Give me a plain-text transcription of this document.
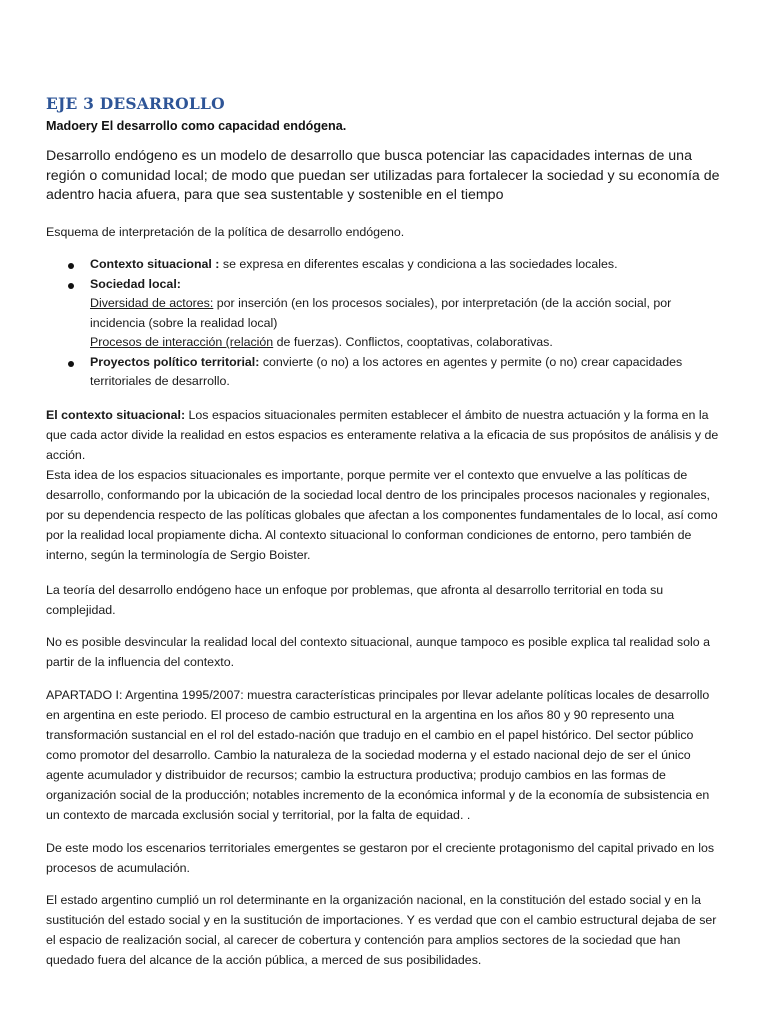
EJE 3 DESARROLLO
Madoery El desarrollo como capacidad endógena.
Desarrollo endógeno es un modelo de desarrollo que busca potenciar las capacidades internas de una región o comunidad local; de modo que puedan ser utilizadas para fortalecer la sociedad y su economía de adentro hacia afuera, para que sea sustentable y sostenible en el tiempo
Esquema de interpretación de la política de desarrollo endógeno.
Contexto situacional : se expresa en diferentes escalas y condiciona a las sociedades locales.
Sociedad local:
Diversidad de actores: por inserción (en los procesos sociales), por interpretación (de la acción social, por incidencia (sobre la realidad local)
Procesos de interacción (relación de fuerzas). Conflictos, cooptativas, colaborativas.
Proyectos político territorial: convierte (o no) a los actores en agentes y permite (o no) crear capacidades territoriales de desarrollo.
El contexto situacional: Los espacios situacionales permiten establecer el ámbito de nuestra actuación y la forma en la que cada actor divide la realidad en estos espacios es enteramente relativa a la eficacia de sus propósitos de análisis y de acción.
Esta idea de los espacios situacionales es importante, porque permite ver el contexto que envuelve a las políticas de desarrollo, conformando por la ubicación de la sociedad local dentro de los principales procesos nacionales y regionales, por su dependencia respecto de las políticas globales que afectan a los componentes fundamentales de lo local, así como por la realidad local propiamente dicha. Al contexto situacional lo conforman condiciones de entorno, pero también de interno, según la terminología de Sergio Boister.
La teoría del desarrollo endógeno hace un enfoque por problemas, que afronta al desarrollo territorial en toda su complejidad.
No es posible desvincular la realidad local del contexto situacional, aunque tampoco es posible explica tal realidad solo a partir de la influencia del contexto.
APARTADO I: Argentina 1995/2007: muestra características principales por llevar adelante políticas locales de desarrollo en argentina en este periodo. El proceso de cambio estructural en la argentina en los años 80 y 90 represento una transformación sustancial en el rol del estado-nación que tradujo en el cambio en el papel histórico. Del sector público como promotor del desarrollo. Cambio la naturaleza de la sociedad moderna y el estado nacional dejo de ser el único agente acumulador y distribuidor de recursos; cambio la estructura productiva; produjo cambios en las formas de organización social de la producción; notables incremento de la económica informal y de la economía de subsistencia en un contexto de marcada exclusión social y territorial, por la falta de equidad. .
De este modo los escenarios territoriales emergentes se gestaron por el creciente protagonismo del capital privado en los procesos de acumulación.
El estado argentino cumplió un rol determinante en la organización nacional, en la constitución del estado social y en la sustitución del estado social y en la sustitución de importaciones. Y es verdad que con el cambio estructural dejaba de ser el espacio de realización social, al carecer de cobertura y contención para amplios sectores de la sociedad que han quedado fuera del alcance de la acción pública, a merced de sus posibilidades.
